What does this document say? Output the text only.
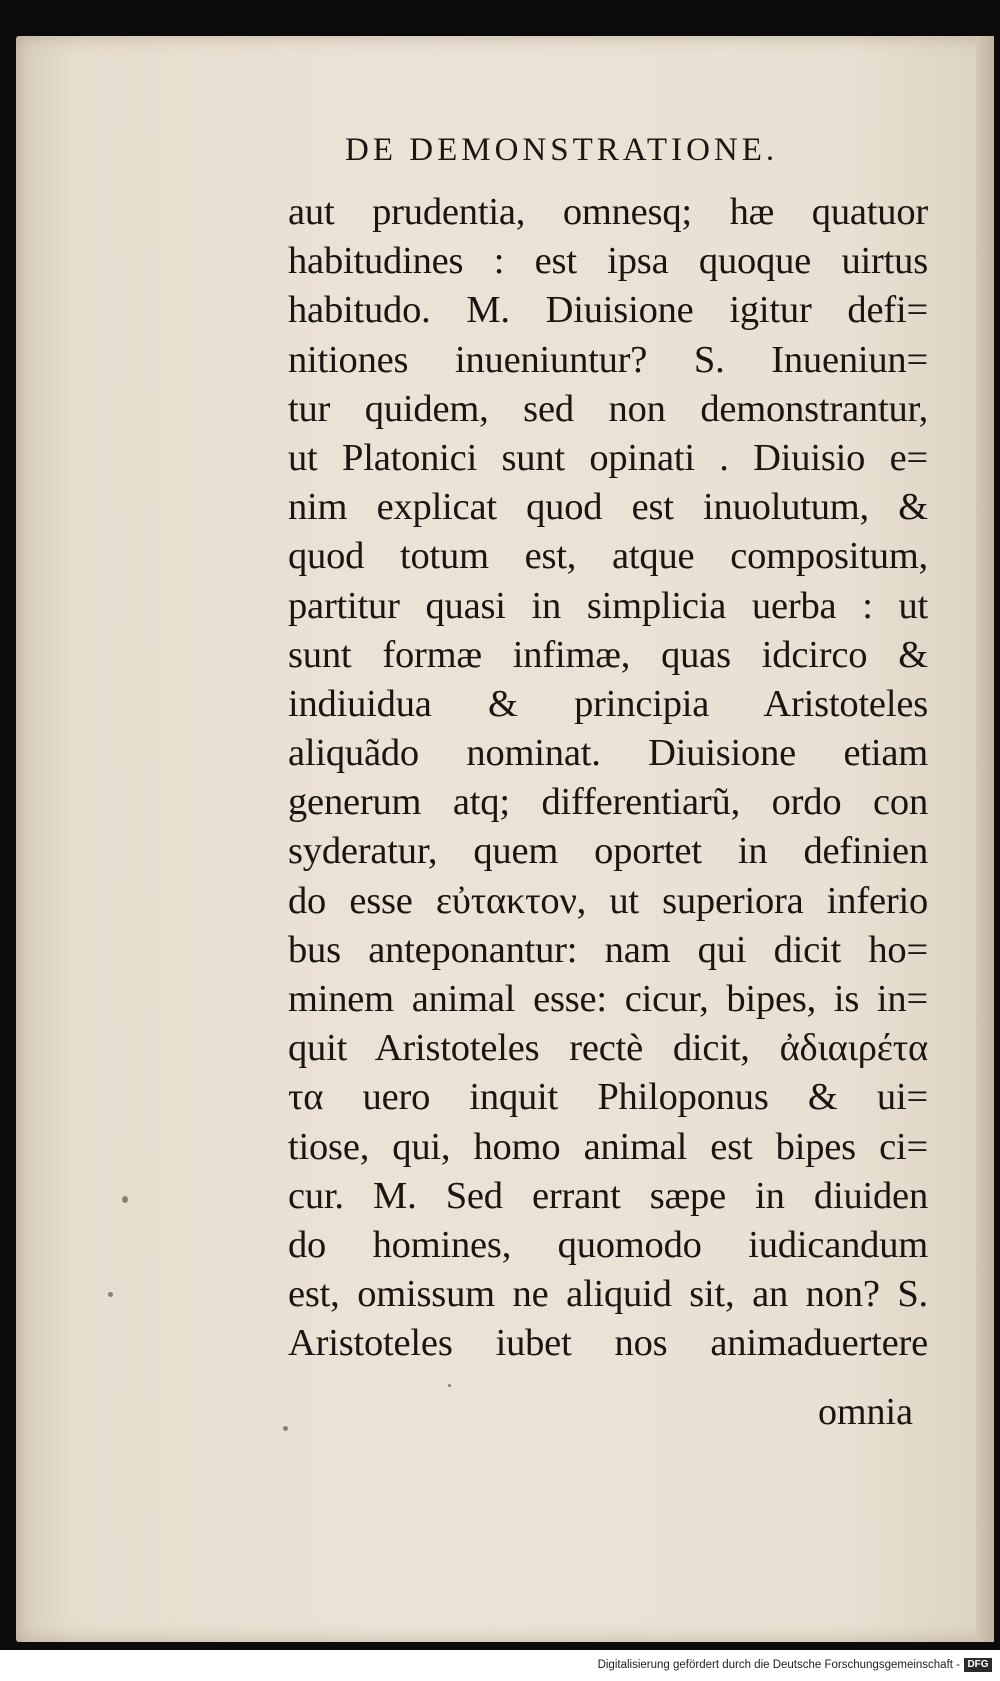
DE DEMONSTRATIONE.
aut prudentia, omnesq; hæ quatuor
habitudines : est ipsa quoque uirtus
habitudo. M. Diuisione igitur defi=
nitiones inueniuntur? S. Inueniun=
tur quidem, sed non demonstrantur,
ut Platonici sunt opinati . Diuisio e=
nim explicat quod est inuolutum, &
quod totum est, atque compositum,
partitur quasi in simplicia uerba : ut
sunt formæ infimæ, quas idcirco &
indiuidua & principia Aristoteles
aliquãdo nominat. Diuisione etiam
generum atq; differentiarũ, ordo con
syderatur, quem oportet in definien
do esse εὐτακτον, ut superiora inferio
bus anteponantur: nam qui dicit ho=
minem animal esse: cicur, bipes, is in=
quit Aristoteles rectè dicit, ἀδιαιρέτα
τα uero inquit Philoponus & ui=
tiose, qui, homo animal est bipes ci=
cur. M. Sed errant sæpe in diuiden
do homines, quomodo iudicandum
est, omissum ne aliquid sit, an non? S.
Aristoteles iubet nos animaduertere
omnia
Digitalisierung gefördert durch die Deutsche Forschungsgemeinschaft - DFG
